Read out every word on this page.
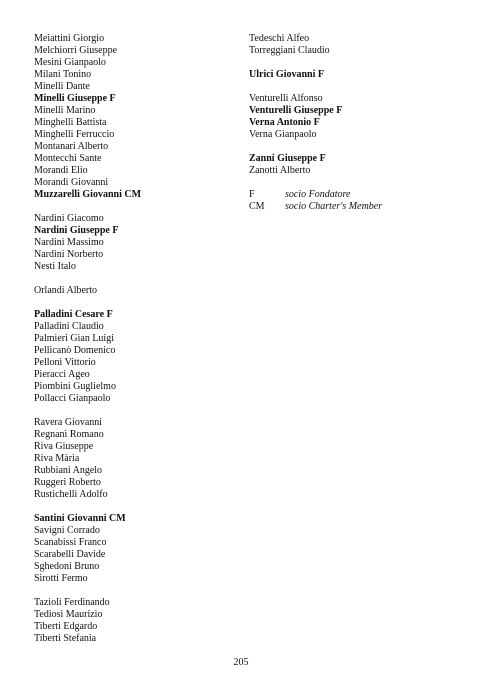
Meiattini Giorgio
Melchiorri Giuseppe
Mesini Gianpaolo
Milani Tonino
Minelli Dante
Minelli Giuseppe F
Minelli Marino
Minghelli Battista
Minghelli Ferruccio
Montanari Alberto
Montecchi Sante
Morandi Elio
Morandi Giovanni
Muzzarelli Giovanni CM
Nardini Giacomo
Nardini Giuseppe F
Nardini Massimo
Nardini Norberto
Nesti Italo
Orlandi Alberto
Palladini Cesare F
Palladini Claudio
Palmieri Gian Luigi
Pellicanò Domenico
Pelloni Vittorio
Pieracci Ageo
Piombini Guglielmo
Pollacci Gianpaolo
Ravera Giovanni
Regnani Romano
Riva Giuseppe
Riva Mària
Rubbiani Angelo
Ruggeri Roberto
Rustichelli Adolfo
Santini Giovanni CM
Savigni Corrado
Scanabissi Franco
Scarabelli Davide
Sghedoni Bruno
Sirotti Fermo
Tazioli Ferdinando
Tediosi Maurizio
Tiberti Edgardo
Tiberti Stefania
Tedeschi Alfeo
Torreggiani Claudio
Ulrici Giovanni F
Venturelli Alfonso
Venturelli Giuseppe F
Verna Antonio F
Verna Gianpaolo
Zanni Giuseppe F
Zanotti Alberto
F	socio Fondatore
CM	socio Charter's Member
205
